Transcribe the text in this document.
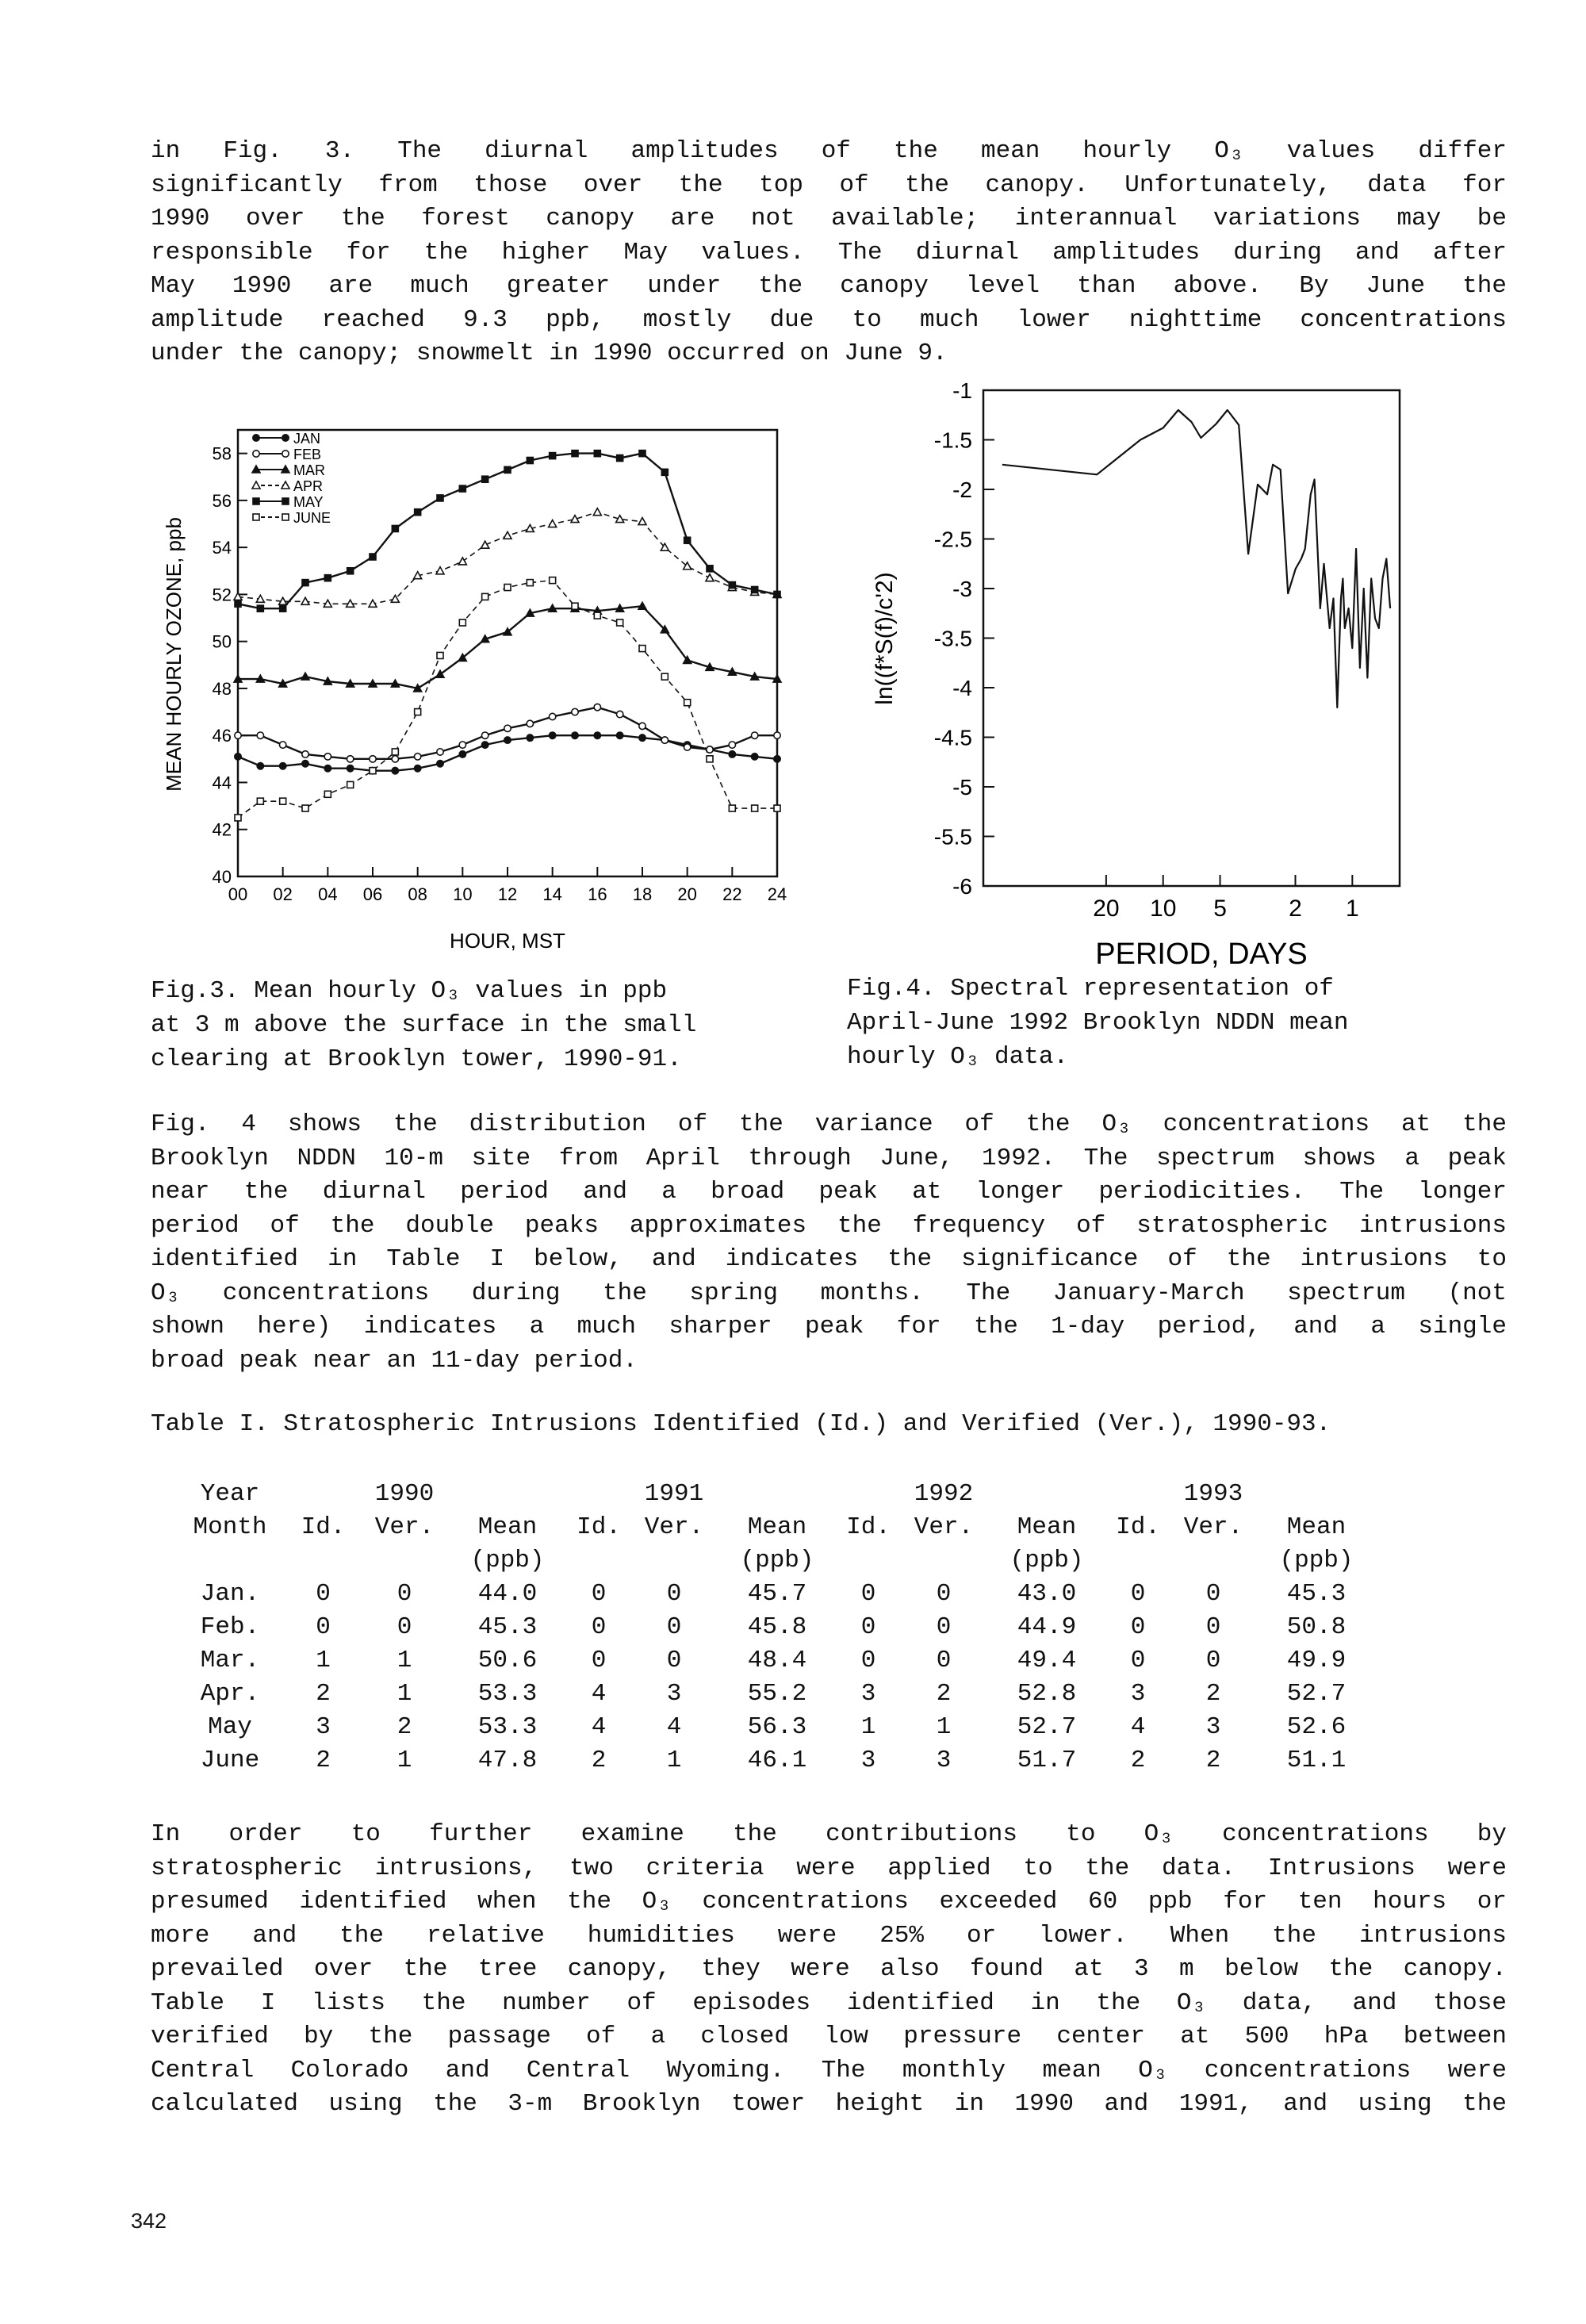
in Fig. 3. The diurnal amplitudes of the mean hourly O₃ values differ
significantly from those over the top of the canopy. Unfortunately, data for
1990 over the forest canopy are not available; interannual variations may be
responsible for the higher May values. The diurnal amplitudes during and after
May 1990 are much greater under the canopy level than above. By June the
amplitude reached 9.3 ppb, mostly due to much lower nighttime concentrations
under the canopy; snowmelt in 1990 occurred on June 9.
40
42
44
46
48
50
52
54
56
58
00 02 04 06 08 10 12 14 16 18 20 22 24
JAN
FEB
MAR
APR
MAY
JUNE
MEAN HOURLY OZONE, ppb
HOUR, MST
-1
-1.5
-2
-2.5
-3
-3.5
-4
-4.5
-5
-5.5
-6
20 10 5	2 1
ln((f*S(f)/c'2)
PERIOD, DAYS
Fig.3. Mean hourly O₃ values in ppb
at 3 m above the surface in the small
clearing at Brooklyn tower, 1990-91.
Fig.4. Spectral representation of
April-June 1992 Brooklyn NDDN mean
hourly O₃ data.
Fig. 4 shows the distribution of the variance of the O₃ concentrations at the
Brooklyn NDDN 10-m site from April through June, 1992. The spectrum shows a peak
near the diurnal period and a broad peak at longer periodicities. The longer
period of the double peaks approximates the frequency of stratospheric intrusions
identified in Table I below, and indicates the significance of the intrusions to
O₃ concentrations during the spring months. The January-March spectrum (not
shown here) indicates a much sharper peak for the 1-day period, and a single
broad peak near an 11-day period.

Table I. Stratospheric Intrusions Identified (Id.) and Verified (Ver.), 1990-93.

Year		1990			1991			1992			1993	
Month	Id.	Ver.	Mean	Id.	Ver.	Mean	Id.	Ver.	Mean	Id.	Ver.	Mean
			(ppb)			(ppb)			(ppb)			(ppb)
Jan.	0	0	44.0	0	0	45.7	0	0	43.0	0	0	45.3
Feb.	0	0	45.3	0	0	45.8	0	0	44.9	0	0	50.8
Mar.	1	1	50.6	0	0	48.4	0	0	49.4	0	0	49.9
Apr.	2	1	53.3	4	3	55.2	3	2	52.8	3	2	52.7
May	3	2	53.3	4	4	56.3	1	1	52.7	4	3	52.6
June	2	1	47.8	2	1	46.1	3	3	51.7	2	2	51.1
In order to further examine the contributions to O₃ concentrations by
stratospheric intrusions, two criteria were applied to the data. Intrusions were
presumed identified when the O₃ concentrations exceeded 60 ppb for ten hours or
more and the relative humidities were 25% or lower. When the intrusions
prevailed over the tree canopy, they were also found at 3 m below the canopy.
Table I lists the number of episodes identified in the O₃ data, and those
verified by the passage of a closed low pressure center at 500 hPa between
Central Colorado and Central Wyoming. The monthly mean O₃ concentrations were
calculated using the 3-m Brooklyn tower height in 1990 and 1991, and using the
342
